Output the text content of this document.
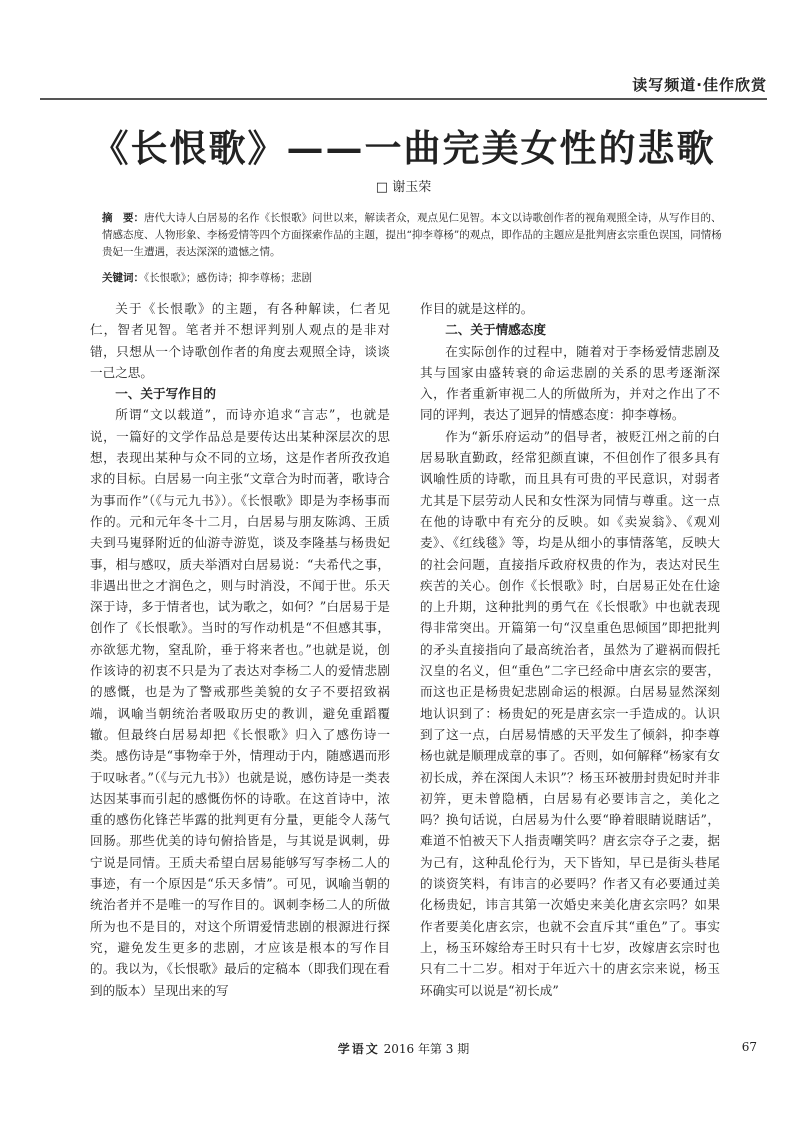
读写频道·佳作欣赏
《长恨歌》——一曲完美女性的悲歌
□ 谢玉荣
摘　要：唐代大诗人白居易的名作《长恨歌》问世以来，解读者众，观点见仁见智。本文以诗歌创作者的视角观照全诗，从写作目的、情感态度、人物形象、李杨爱情等四个方面探索作品的主题，提出“抑李尊杨”的观点，即作品的主题应是批判唐玄宗重色误国，同情杨贵妃一生遭遇，表达深深的遗憾之情。
关键词：《长恨歌》；感伤诗；抑李尊杨；悲剧

关于《长恨歌》的主题，有各种解读，仁者见仁，智者见智。笔者并不想评判别人观点的是非对错，只想从一个诗歌创作者的角度去观照全诗，谈谈一己之思。

一、关于写作目的

所谓“文以载道”，而诗亦追求“言志”，也就是说，一篇好的文学作品总是要传达出某种深层次的思想，表现出某种与众不同的立场，这是作者所孜孜追求的目标。白居易一向主张“文章合为时而著，歌诗合为事而作”（《与元九书》）。《长恨歌》即是为李杨事而作的。元和元年冬十二月，白居易与朋友陈鸿、王质夫到马嵬驿附近的仙游寺游览，谈及李隆基与杨贵妃事，相与感叹，质夫举酒对白居易说：“夫希代之事，非遇出世之才润色之，则与时消没，不闻于世。乐天深于诗，多于情者也，试为歌之，如何？”白居易于是创作了《长恨歌》。当时的写作动机是“不但感其事，亦欲惩尤物，窒乱阶，垂于将来者也。”也就是说，创作该诗的初衷不只是为了表达对李杨二人的爱情悲剧的感慨，也是为了警戒那些美貌的女子不要招致祸端，讽喻当朝统治者吸取历史的教训，避免重蹈覆辙。但最终白居易却把《长恨歌》归入了感伤诗一类。感伤诗是“事物牵于外，情理动于内，随感遇而形于叹咏者。”（《与元九书》）也就是说，感伤诗是一类表达因某事而引起的感慨伤怀的诗歌。在这首诗中，浓重的感伤化锋芒毕露的批判更有分量，更能令人荡气回肠。那些优美的诗句俯拾皆是，与其说是讽刺，毋宁说是同情。王质夫希望白居易能够写写李杨二人的事迹，有一个原因是“乐天多情”。可见，讽喻当朝的统治者并不是唯一的写作目的。讽刺李杨二人的所做所为也不是目的，对这个所谓爱情悲剧的根源进行探究，避免发生更多的悲剧，才应该是根本的写作目的。我以为，《长恨歌》最后的定稿本（即我们现在看到的版本）呈现出来的写

作目的就是这样的。

二、关于情感态度

在实际创作的过程中，随着对于李杨爱情悲剧及其与国家由盛转衰的命运悲剧的关系的思考逐渐深入，作者重新审视二人的所做所为，并对之作出了不同的评判，表达了迥异的情感态度：抑李尊杨。

作为“新乐府运动”的倡导者，被贬江州之前的白居易耿直勤政，经常犯颜直谏，不但创作了很多具有讽喻性质的诗歌，而且具有可贵的平民意识，对弱者尤其是下层劳动人民和女性深为同情与尊重。这一点在他的诗歌中有充分的反映。如《卖炭翁》、《观刈麦》、《红线毯》等，均是从细小的事情落笔，反映大的社会问题，直接指斥政府权贵的作为，表达对民生疾苦的关心。创作《长恨歌》时，白居易正处在仕途的上升期，这种批判的勇气在《长恨歌》中也就表现得非常突出。开篇第一句“汉皇重色思倾国”即把批判的矛头直接指向了最高统治者，虽然为了避祸而假托汉皇的名义，但“重色”二字已经命中唐玄宗的要害，而这也正是杨贵妃悲剧命运的根源。白居易显然深刻地认识到了：杨贵妃的死是唐玄宗一手造成的。认识到了这一点，白居易情感的天平发生了倾斜，抑李尊杨也就是顺理成章的事了。否则，如何解释“杨家有女初长成，养在深闺人未识”？杨玉环被册封贵妃时并非初笄，更未曾隐栖，白居易有必要讳言之，美化之吗？换句话说，白居易为什么要“睁着眼睛说瞎话”，难道不怕被天下人指责嘲笑吗？唐玄宗夺子之妻，据为己有，这种乱伦行为，天下皆知，早已是街头巷尾的谈资笑料，有讳言的必要吗？作者又有必要通过美化杨贵妃，讳言其第一次婚史来美化唐玄宗吗？如果作者要美化唐玄宗，也就不会直斥其“重色”了。事实上，杨玉环嫁给寿王时只有十七岁，改嫁唐玄宗时也只有二十二岁。相对于年近六十的唐玄宗来说，杨玉环确实可以说是“初长成”

学语文 2016 年第 3 期	67
